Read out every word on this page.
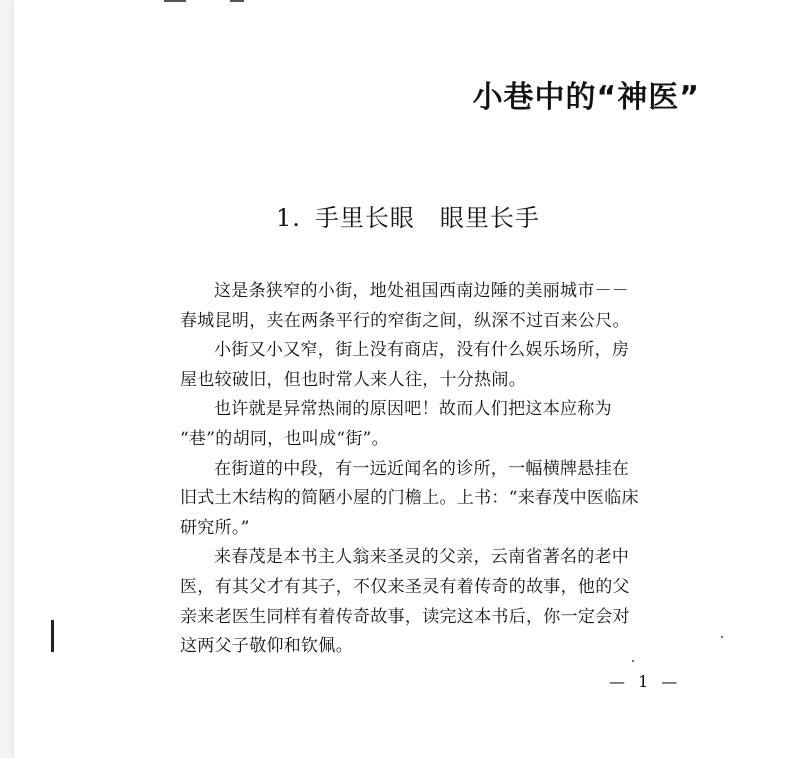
小巷中的“神医”
1. 手里长眼　眼里长手
这是条狭窄的小街，地处祖国西南边陲的美丽城市－－
春城昆明，夹在两条平行的窄街之间，纵深不过百来公尺。
小街又小又窄，街上没有商店，没有什么娱乐场所，房
屋也较破旧，但也时常人来人往，十分热闹。
也许就是异常热闹的原因吧！故而人们把这本应称为
“巷”的胡同，也叫成“街”。
在街道的中段，有一远近闻名的诊所，一幅横牌悬挂在
旧式土木结构的简陋小屋的门檐上。上书：“来春茂中医临床
研究所。”
来春茂是本书主人翁来圣灵的父亲，云南省著名的老中
医，有其父才有其子，不仅来圣灵有着传奇的故事，他的父
亲来老医生同样有着传奇故事，读完这本书后，你一定会对
这两父子敬仰和钦佩。
— 1 —
